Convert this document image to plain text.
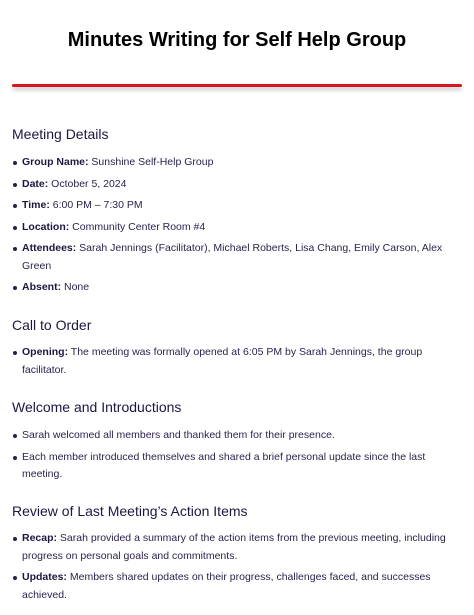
Minutes Writing for Self Help Group
Meeting Details
Group Name: Sunshine Self-Help Group
Date: October 5, 2024
Time: 6:00 PM – 7:30 PM
Location: Community Center Room #4
Attendees: Sarah Jennings (Facilitator), Michael Roberts, Lisa Chang, Emily Carson, Alex Green
Absent: None
Call to Order
Opening: The meeting was formally opened at 6:05 PM by Sarah Jennings, the group facilitator.
Welcome and Introductions
Sarah welcomed all members and thanked them for their presence.
Each member introduced themselves and shared a brief personal update since the last meeting.
Review of Last Meeting’s Action Items
Recap: Sarah provided a summary of the action items from the previous meeting, including progress on personal goals and commitments.
Updates: Members shared updates on their progress, challenges faced, and successes achieved.
